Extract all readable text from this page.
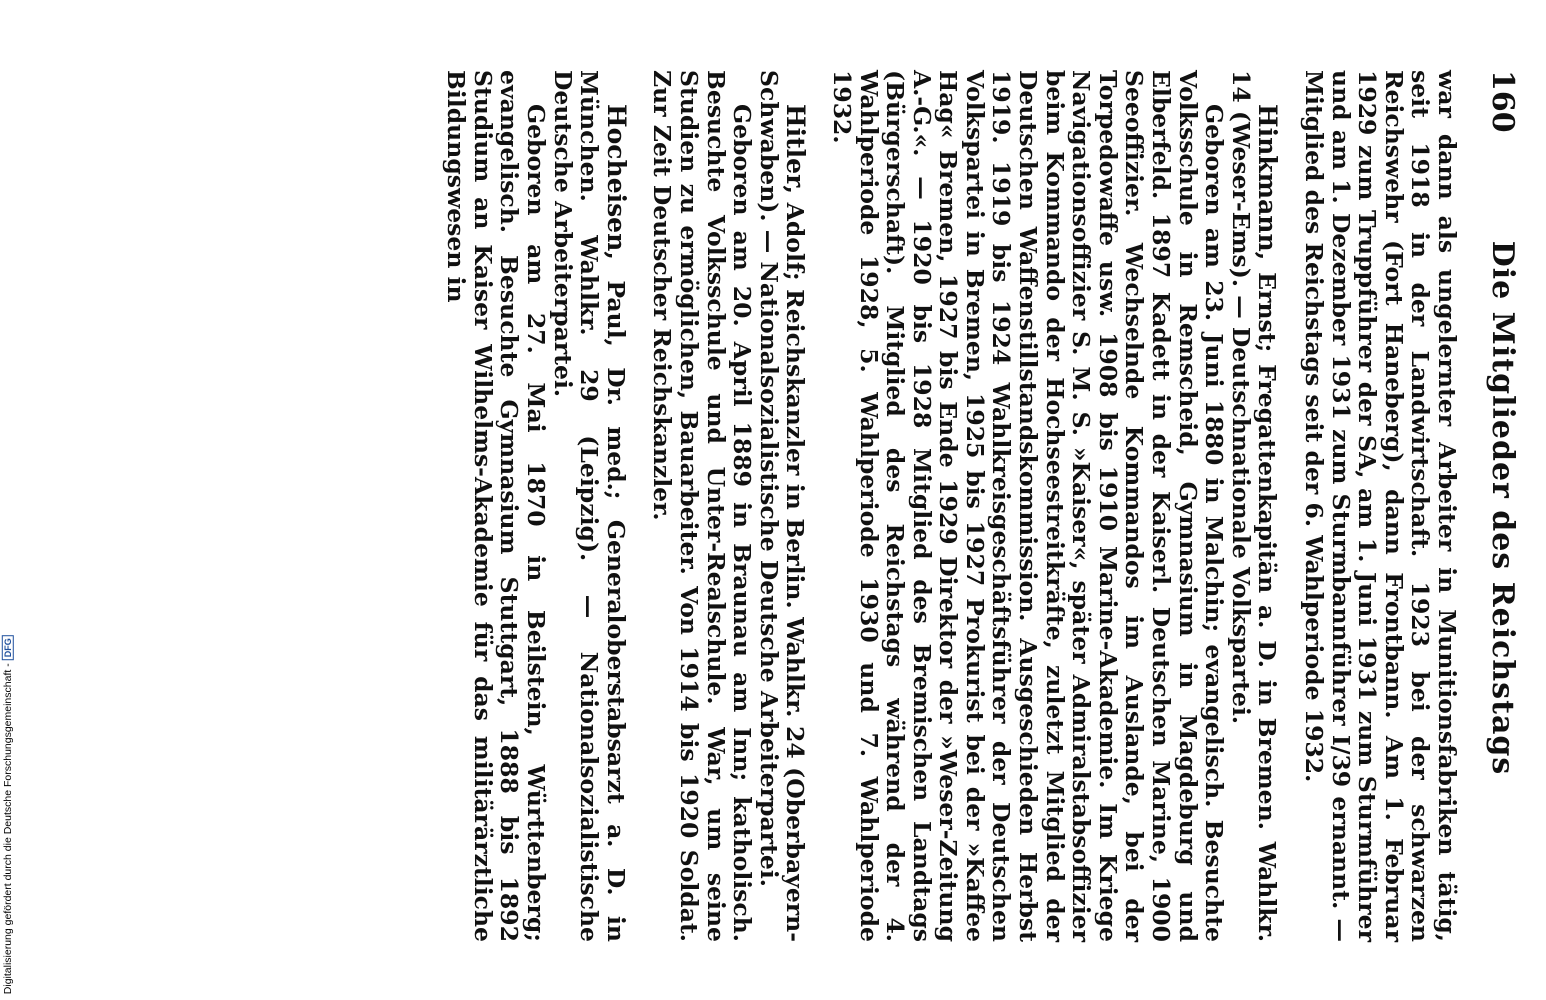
160
Die Mitglieder des Reichstags

war dann als ungelernter Arbeiter in Munitionsfabriken tätig, seit 1918 in der Landwirtschaft. 1923 bei der schwarzen Reichswehr (Fort Haneberg), dann Frontbann. Am 1. Februar 1929 zum Truppführer der SA, am 1. Juni 1931 zum Sturmführer und am 1. Dezember 1931 zum Sturmbannführer I/39 ernannt. — Mitglied des Reichstags seit der 6. Wahlperiode 1932.

Hinkmann, Ernst; Fregattenkapitän a. D. in Bremen. Wahlkr. 14 (Weser-Ems). — Deutschnationale Volkspartei.

Geboren am 23. Juni 1880 in Malchin; evangelisch. Besuchte Volksschule in Remscheid, Gymnasium in Magdeburg und Elberfeld. 1897 Kadett in der Kaiserl. Deutschen Marine, 1900 Seeoffizier. Wechselnde Kommandos im Auslande, bei der Torpedowaffe usw. 1908 bis 1910 Marine-Akademie. Im Kriege Navigationsoffizier S. M. S. »Kaiser«, später Admiralstabsoffizier beim Kommando der Hochseestreitkräfte, zuletzt Mitglied der Deutschen Waffenstillstandskommission. Ausgeschieden Herbst 1919. 1919 bis 1924 Wahlkreisgeschäftsführer der Deutschen Volkspartei in Bremen, 1925 bis 1927 Prokurist bei der »Kaffee Hag« Bremen, 1927 bis Ende 1929 Direktor der »Weser-Zeitung A.-G.«. — 1920 bis 1928 Mitglied des Bremischen Landtags (Bürgerschaft). Mitglied des Reichstags während der 4. Wahlperiode 1928, 5. Wahlperiode 1930 und 7. Wahlperiode 1932.

Hitler, Adolf; Reichskanzler in Berlin. Wahlkr. 24 (Oberbayern-Schwaben). — Nationalsozialistische Deutsche Arbeiterpartei.

Geboren am 20. April 1889 in Braunau am Inn; katholisch. Besuchte Volksschule und Unter-Realschule. War, um seine Studien zu ermöglichen, Bauarbeiter. Von 1914 bis 1920 Soldat. Zur Zeit Deutscher Reichskanzler.

Hocheisen, Paul, Dr. med.; Generaloberstabsarzt a. D. in München. Wahlkr. 29 (Leipzig). — Nationalsozialistische Deutsche Arbeiterpartei.

Geboren am 27. Mai 1870 in Beilstein, Württenberg; evangelisch. Besuchte Gymnasium Stuttgart, 1888 bis 1892 Studium an Kaiser Wilhelms-Akademie für das militärärztliche Bildungswesen in

Digitalisierung gefördert durch die Deutsche Forschungsgemeinschaft -DFG
